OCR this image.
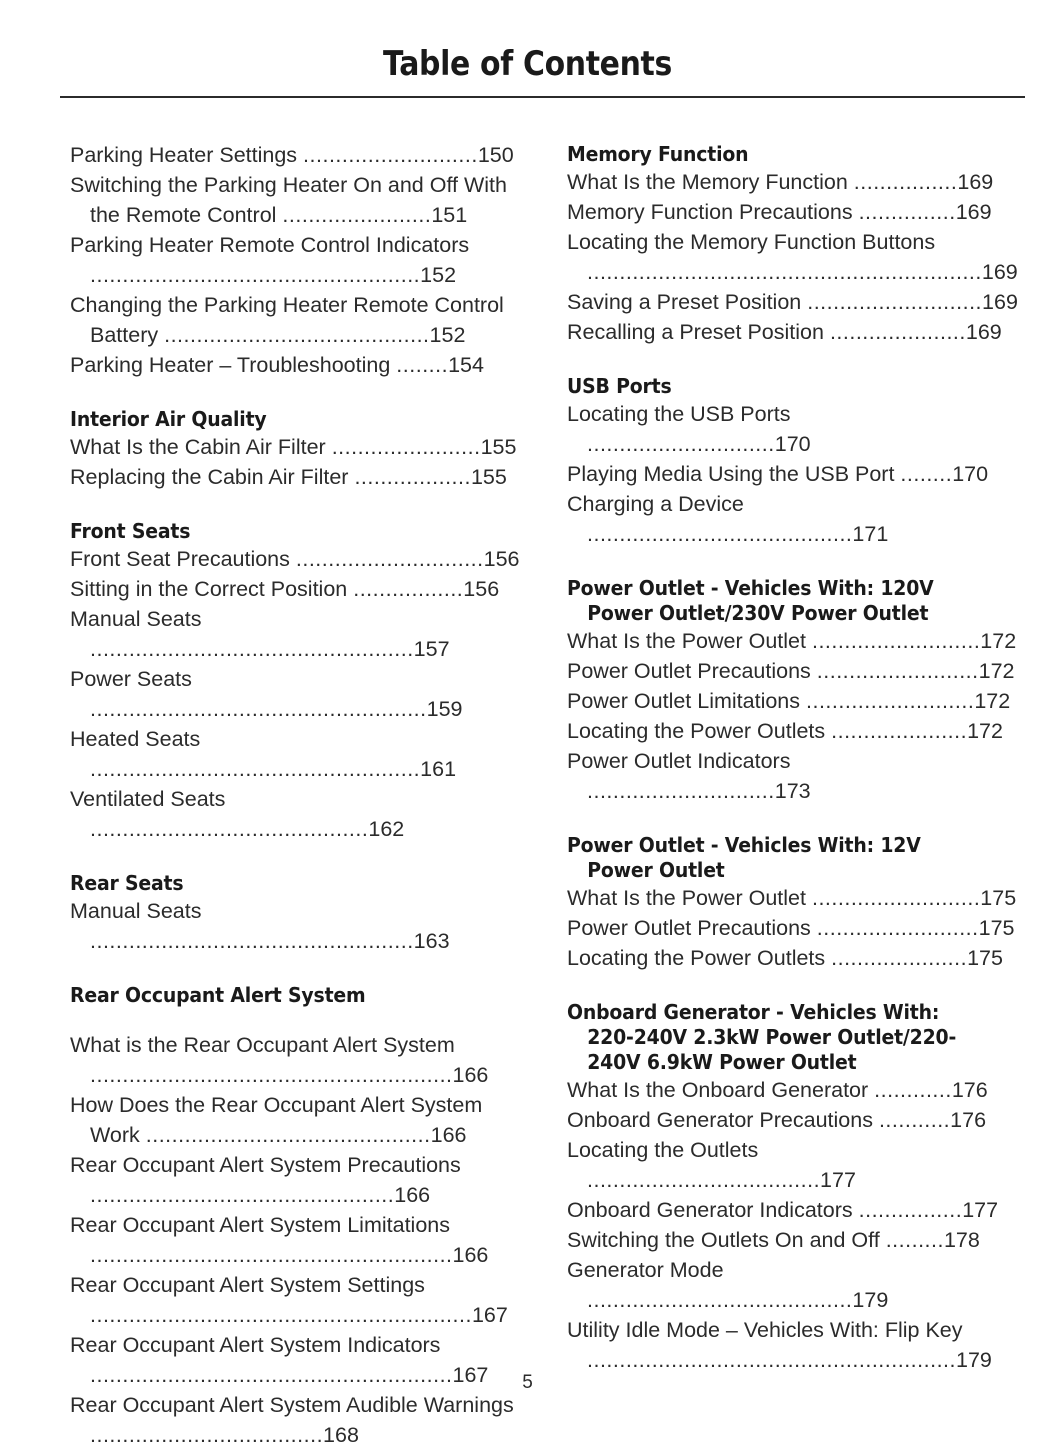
Table of Contents
Parking Heater Settings ...........................150
Switching the Parking Heater On and Off With the Remote Control .......................151
Parking Heater Remote Control Indicators ...................................................152
Changing the Parking Heater Remote Control Battery .........................................152
Parking Heater – Troubleshooting ........154
Interior Air Quality
What Is the Cabin Air Filter .......................155
Replacing the Cabin Air Filter ..................155
Front Seats
Front Seat Precautions .............................156
Sitting in the Correct Position .................156
Manual Seats ..................................................157
Power Seats ....................................................159
Heated Seats ...................................................161
Ventilated Seats ...........................................162
Rear Seats
Manual Seats ..................................................163
Rear Occupant Alert System
What is the Rear Occupant Alert System ........................................................166
How Does the Rear Occupant Alert System Work ............................................166
Rear Occupant Alert System Precautions ...............................................166
Rear Occupant Alert System Limitations ........................................................166
Rear Occupant Alert System Settings ...........................................................167
Rear Occupant Alert System Indicators ........................................................167
Rear Occupant Alert System Audible Warnings ....................................168
Memory Function
What Is the Memory Function ................169
Memory Function Precautions ...............169
Locating the Memory Function Buttons .............................................................169
Saving a Preset Position ...........................169
Recalling a Preset Position .....................169
USB Ports
Locating the USB Ports .............................170
Playing Media Using the USB Port ........170
Charging a Device .........................................171
Power Outlet - Vehicles With: 120V Power Outlet/230V Power Outlet
What Is the Power Outlet ..........................172
Power Outlet Precautions .........................172
Power Outlet Limitations ..........................172
Locating the Power Outlets .....................172
Power Outlet Indicators .............................173
Power Outlet - Vehicles With: 12V Power Outlet
What Is the Power Outlet ..........................175
Power Outlet Precautions .........................175
Locating the Power Outlets .....................175
Onboard Generator - Vehicles With: 220-240V 2.3kW Power Outlet/220-240V 6.9kW Power Outlet
What Is the Onboard Generator ............176
Onboard Generator Precautions ...........176
Locating the Outlets ....................................177
Onboard Generator Indicators ................177
Switching the Outlets On and Off .........178
Generator Mode .........................................179
Utility Idle Mode – Vehicles With: Flip Key .........................................................179
5
